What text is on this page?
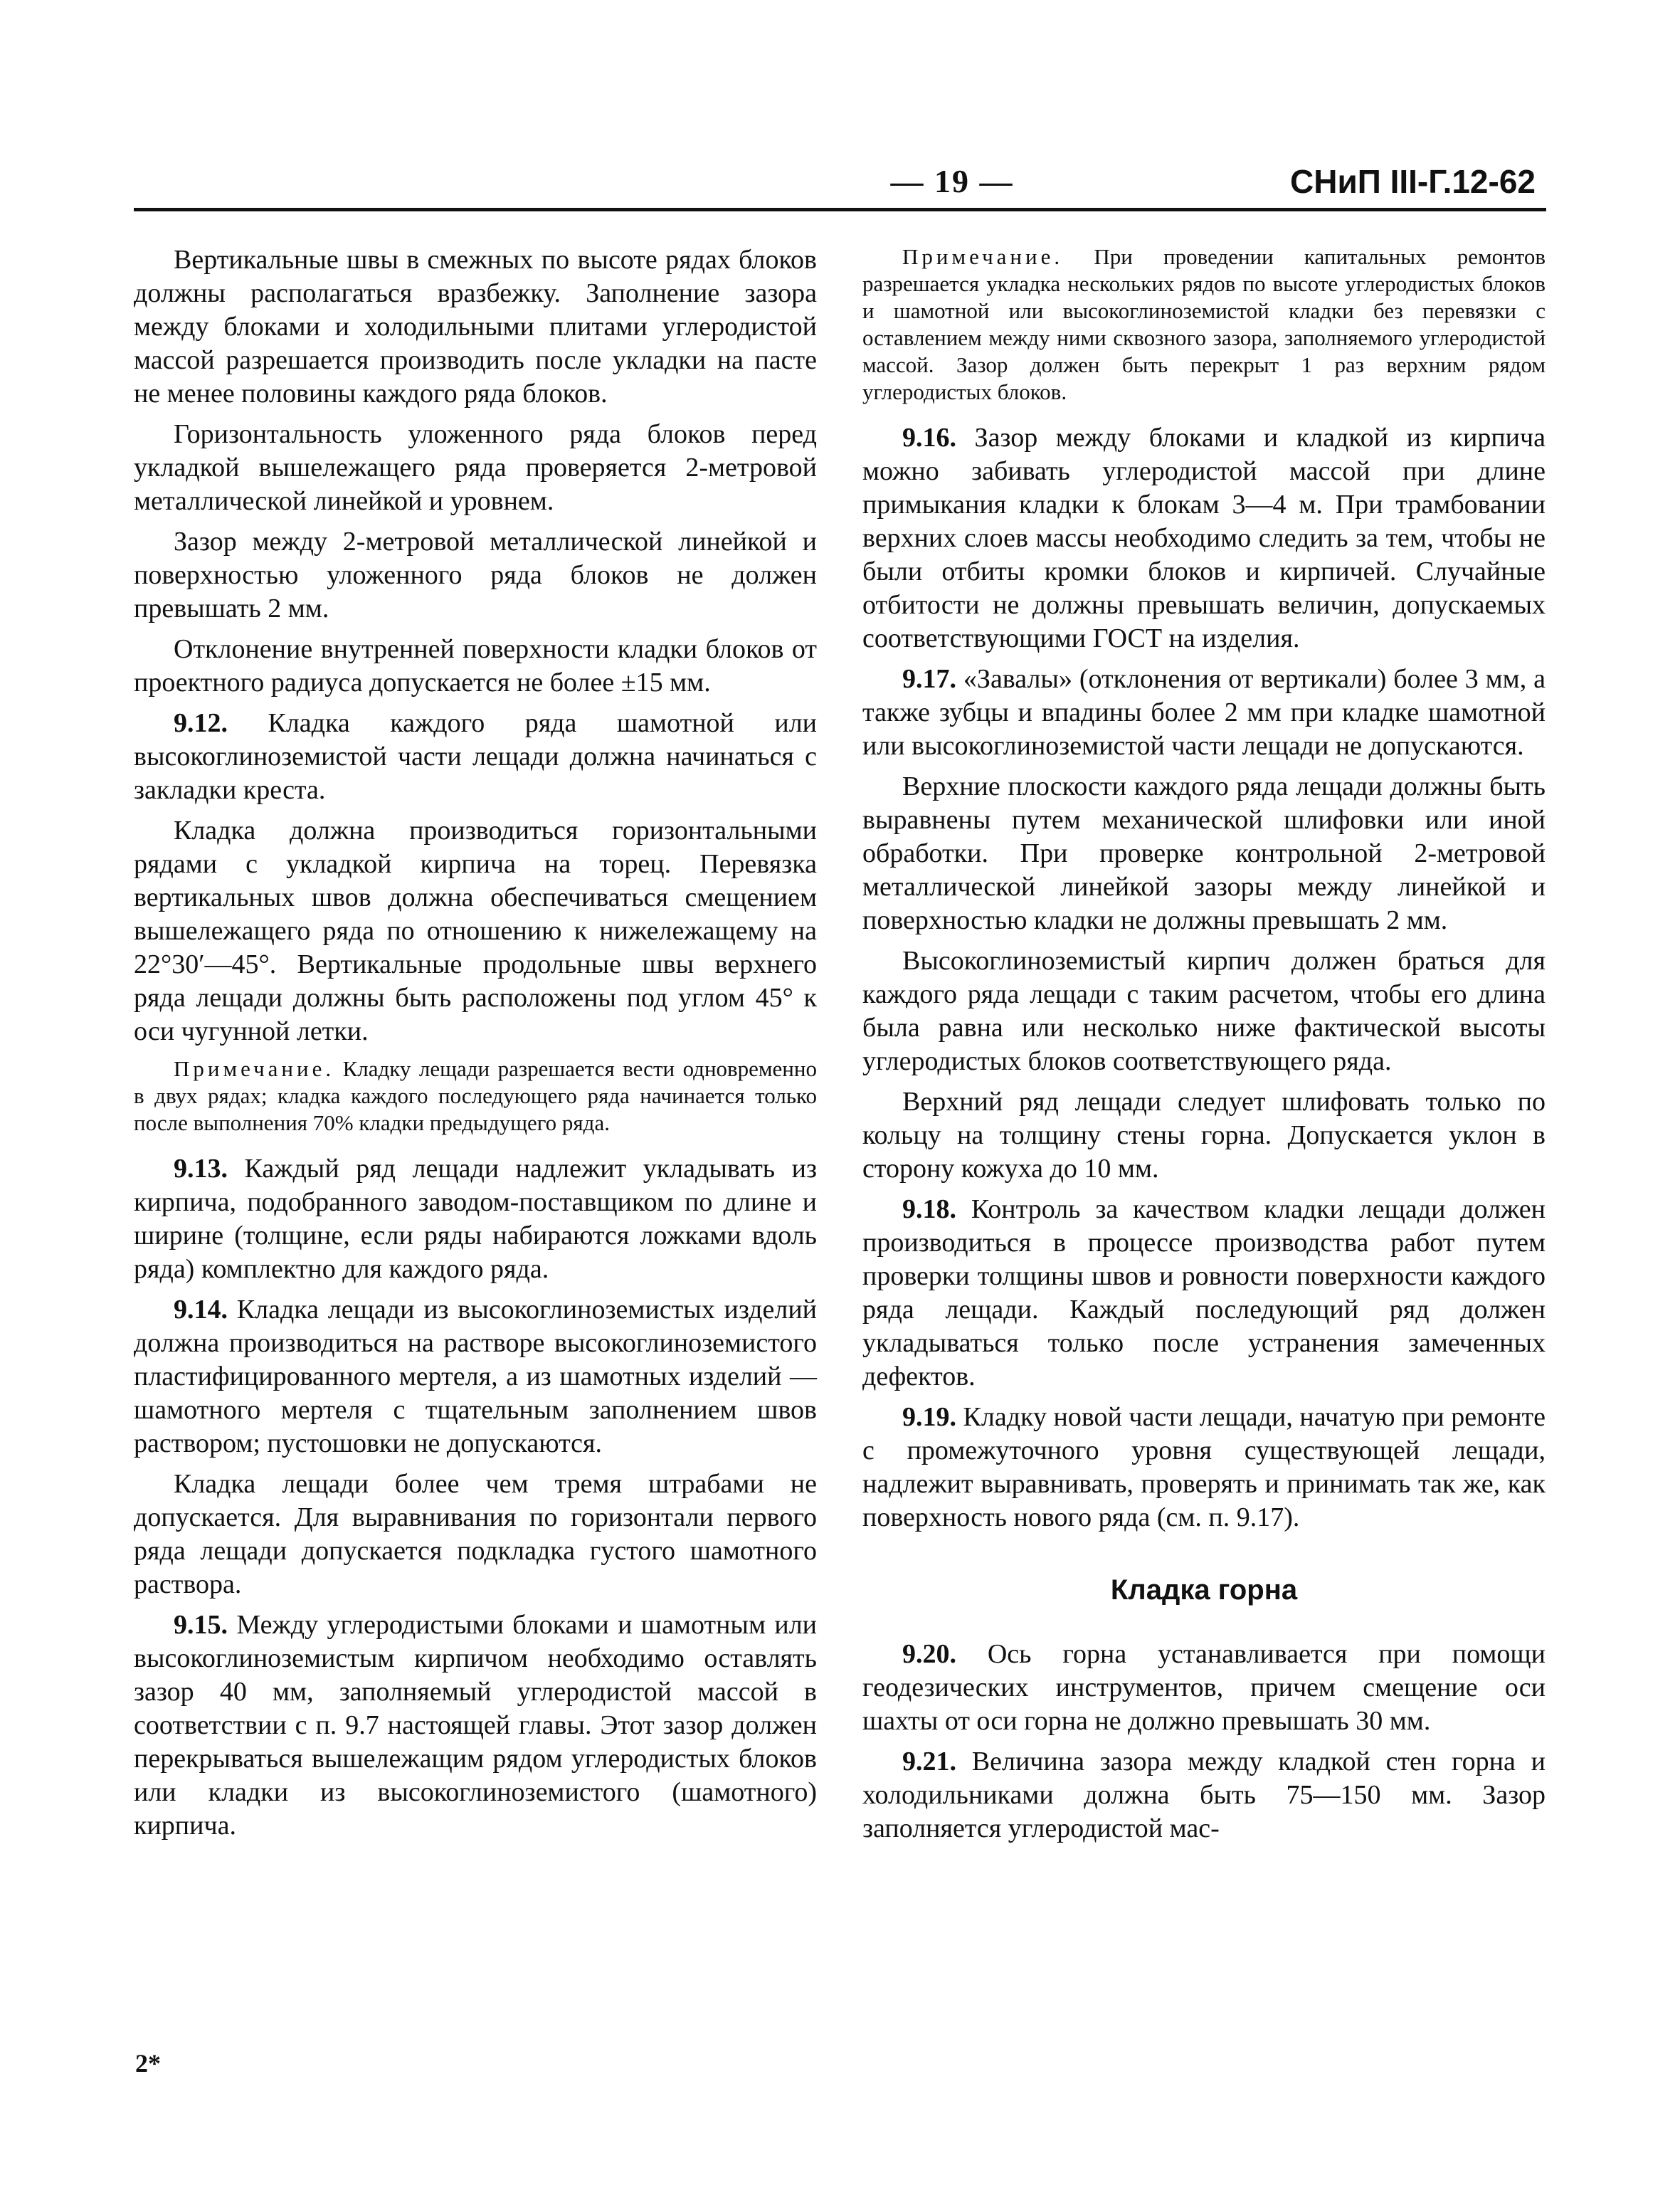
— 19 —	СНиП III-Г.12-62

Вертикальные швы в смежных по высоте рядах блоков должны располагаться вразбежку. Заполнение зазора между блоками и холодильными плитами углеродистой массой разрешается производить после укладки на пасте не менее половины каждого ряда блоков.

Горизонтальность уложенного ряда блоков перед укладкой вышележащего ряда проверяется 2-метровой металлической линейкой и уровнем.

Зазор между 2-метровой металлической линейкой и поверхностью уложенного ряда блоков не должен превышать 2 мм.

Отклонение внутренней поверхности кладки блоков от проектного радиуса допускается не более ±15 мм.

9.12. Кладка каждого ряда шамотной или высокоглиноземистой части лещади должна начинаться с закладки креста.

Кладка должна производиться горизонтальными рядами с укладкой кирпича на торец. Перевязка вертикальных швов должна обеспечиваться смещением вышележащего ряда по отношению к нижележащему на 22°30′—45°. Вертикальные продольные швы верхнего ряда лещади должны быть расположены под углом 45° к оси чугунной летки.

Примечание. Кладку лещади разрешается вести одновременно в двух рядах; кладка каждого последующего ряда начинается только после выполнения 70% кладки предыдущего ряда.

9.13. Каждый ряд лещади надлежит укладывать из кирпича, подобранного заводом-поставщиком по длине и ширине (толщине, если ряды набираются ложками вдоль ряда) комплектно для каждого ряда.

9.14. Кладка лещади из высокоглиноземистых изделий должна производиться на растворе высокоглиноземистого пластифицированного мертеля, а из шамотных изделий — шамотного мертеля с тщательным заполнением швов раствором; пустошовки не допускаются.

Кладка лещади более чем тремя штрабами не допускается. Для выравнивания по горизонтали первого ряда лещади допускается подкладка густого шамотного раствора.

9.15. Между углеродистыми блоками и шамотным или высокоглиноземистым кирпичом необходимо оставлять зазор 40 мм, заполняемый углеродистой массой в соответствии с п. 9.7 настоящей главы. Этот зазор должен перекрываться вышележащим рядом углеродистых блоков или кладки из высокоглиноземистого (шамотного) кирпича.

Примечание. При проведении капитальных ремонтов разрешается укладка нескольких рядов по высоте углеродистых блоков и шамотной или высокоглиноземистой кладки без перевязки с оставлением между ними сквозного зазора, заполняемого углеродистой массой. Зазор должен быть перекрыт 1 раз верхним рядом углеродистых блоков.

9.16. Зазор между блоками и кладкой из кирпича можно забивать углеродистой массой при длине примыкания кладки к блокам 3—4 м. При трамбовании верхних слоев массы необходимо следить за тем, чтобы не были отбиты кромки блоков и кирпичей. Случайные отбитости не должны превышать величин, допускаемых соответствующими ГОСТ на изделия.

9.17. «Завалы» (отклонения от вертикали) более 3 мм, а также зубцы и впадины более 2 мм при кладке шамотной или высокоглиноземистой части лещади не допускаются.

Верхние плоскости каждого ряда лещади должны быть выравнены путем механической шлифовки или иной обработки. При проверке контрольной 2-метровой металлической линейкой зазоры между линейкой и поверхностью кладки не должны превышать 2 мм.

Высокоглиноземистый кирпич должен браться для каждого ряда лещади с таким расчетом, чтобы его длина была равна или несколько ниже фактической высоты углеродистых блоков соответствующего ряда.

Верхний ряд лещади следует шлифовать только по кольцу на толщину стены горна. Допускается уклон в сторону кожуха до 10 мм.

9.18. Контроль за качеством кладки лещади должен производиться в процессе производства работ путем проверки толщины швов и ровности поверхности каждого ряда лещади. Каждый последующий ряд должен укладываться только после устранения замеченных дефектов.

9.19. Кладку новой части лещади, начатую при ремонте с промежуточного уровня существующей лещади, надлежит выравнивать, проверять и принимать так же, как поверхность нового ряда (см. п. 9.17).

Кладка горна

9.20. Ось горна устанавливается при помощи геодезических инструментов, причем смещение оси шахты от оси горна не должно превышать 30 мм.

9.21. Величина зазора между кладкой стен горна и холодильниками должна быть 75—150 мм. Зазор заполняется углеродистой мас-

2*
